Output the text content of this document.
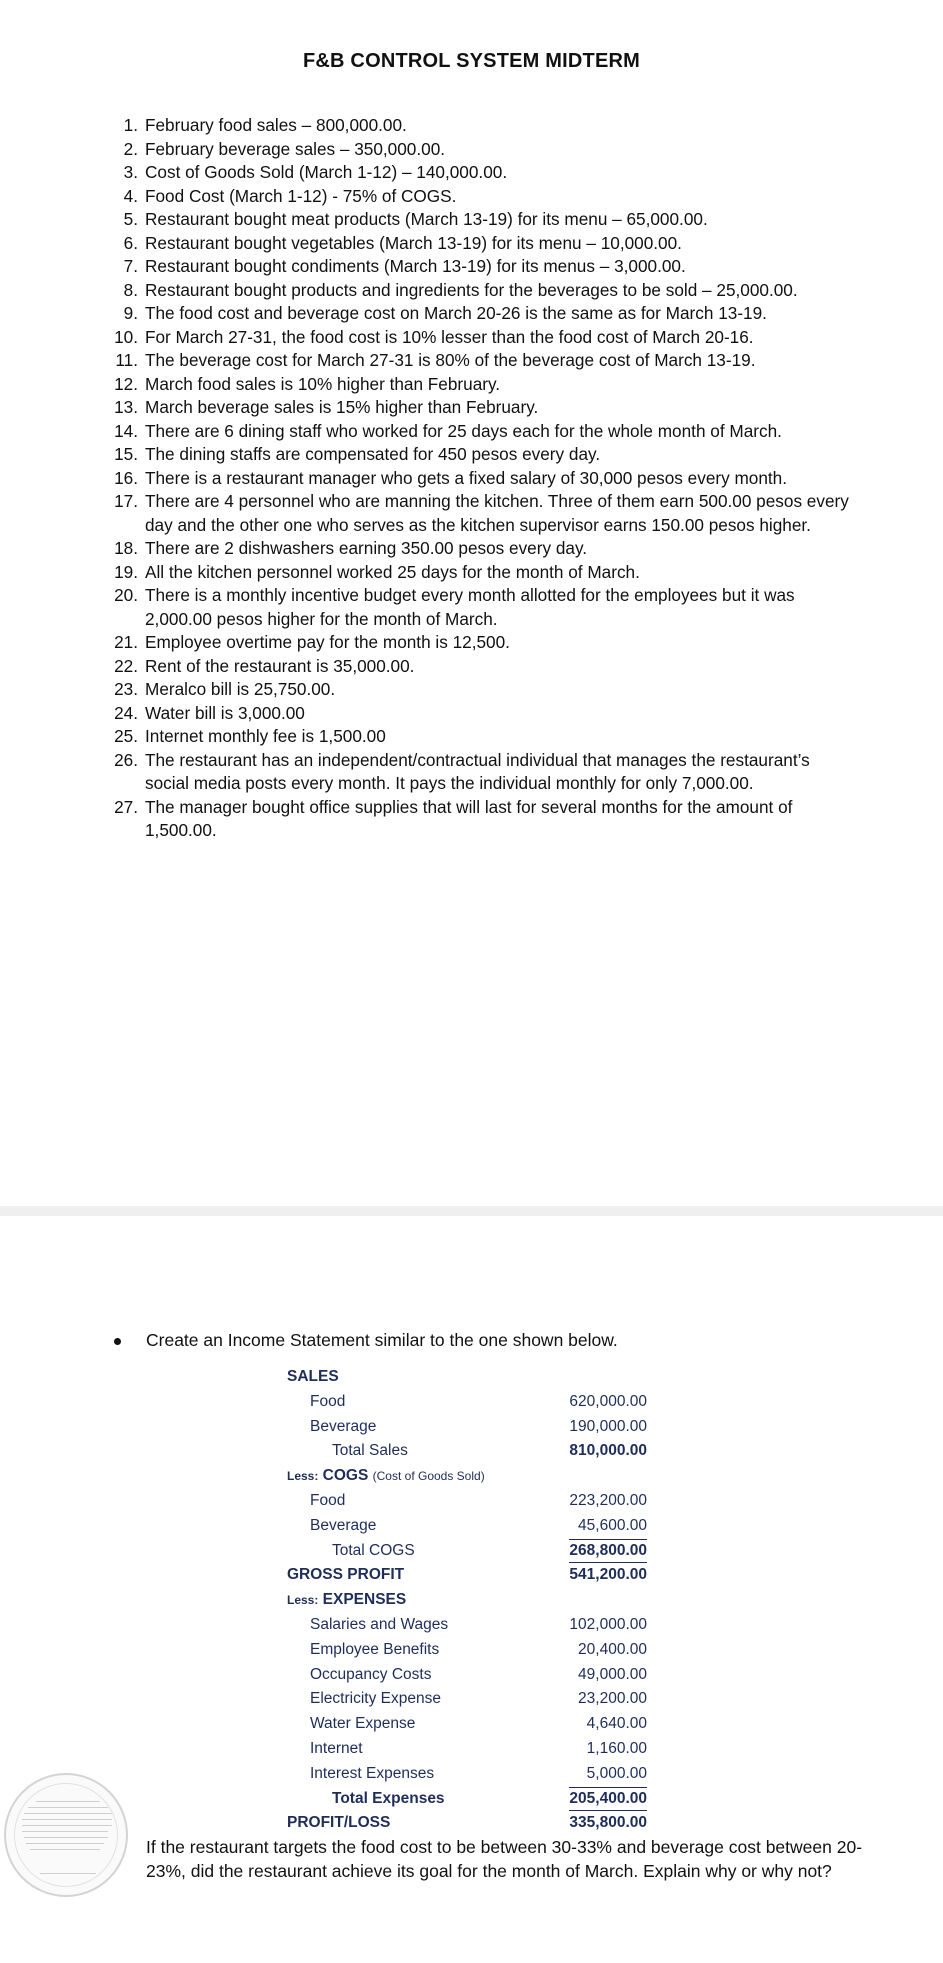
F&B CONTROL SYSTEM MIDTERM
1. February food sales – 800,000.00.
2. February beverage sales – 350,000.00.
3. Cost of Goods Sold (March 1-12) – 140,000.00.
4. Food Cost (March 1-12) - 75% of COGS.
5. Restaurant bought meat products (March 13-19) for its menu – 65,000.00.
6. Restaurant bought vegetables (March 13-19) for its menu – 10,000.00.
7. Restaurant bought condiments (March 13-19) for its menus – 3,000.00.
8. Restaurant bought products and ingredients for the beverages to be sold – 25,000.00.
9. The food cost and beverage cost on March 20-26 is the same as for March 13-19.
10. For March 27-31, the food cost is 10% lesser than the food cost of March 20-16.
11. The beverage cost for March 27-31 is 80% of the beverage cost of March 13-19.
12. March food sales is 10% higher than February.
13. March beverage sales is 15% higher than February.
14. There are 6 dining staff who worked for 25 days each for the whole month of March.
15. The dining staffs are compensated for 450 pesos every day.
16. There is a restaurant manager who gets a fixed salary of 30,000 pesos every month.
17. There are 4 personnel who are manning the kitchen. Three of them earn 500.00 pesos every day and the other one who serves as the kitchen supervisor earns 150.00 pesos higher.
18. There are 2 dishwashers earning 350.00 pesos every day.
19. All the kitchen personnel worked 25 days for the month of March.
20. There is a monthly incentive budget every month allotted for the employees but it was 2,000.00 pesos higher for the month of March.
21. Employee overtime pay for the month is 12,500.
22. Rent of the restaurant is 35,000.00.
23. Meralco bill is 25,750.00.
24. Water bill is 3,000.00
25. Internet monthly fee is 1,500.00
26. The restaurant has an independent/contractual individual that manages the restaurant’s social media posts every month. It pays the individual monthly for only 7,000.00.
27. The manager bought office supplies that will last for several months for the amount of 1,500.00.
Create an Income Statement similar to the one shown below.
SALES
Food	620,000.00
Beverage	190,000.00
Total Sales	810,000.00
Less: COGS (Cost of Goods Sold)
Food	223,200.00
Beverage	45,600.00
Total COGS	268,800.00
GROSS PROFIT	541,200.00
Less: EXPENSES
Salaries and Wages	102,000.00
Employee Benefits	20,400.00
Occupancy Costs	49,000.00
Electricity Expense	23,200.00
Water Expense	4,640.00
Internet	1,160.00
Interest Expenses	5,000.00
Total Expenses	205,400.00
PROFIT/LOSS	335,800.00
If the restaurant targets the food cost to be between 30-33% and beverage cost between 20-23%, did the restaurant achieve its goal for the month of March. Explain why or why not?
